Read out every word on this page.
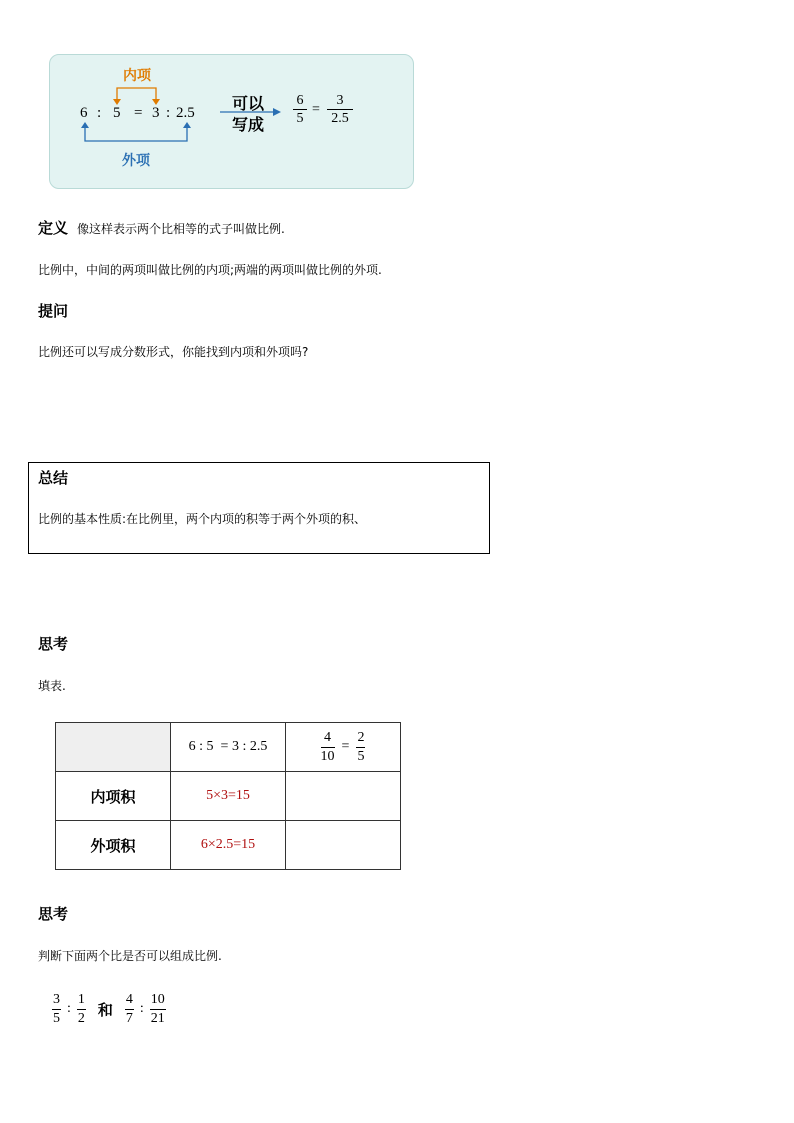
内项
6 : 5 = 3 : 2.5
外项
可以
写成 $\frac{6}{5} = \frac{3}{2.5}$
定义 像这样表示两个比相等的式子叫做比例.
比例中，中间的两项叫做比例的内项;两端的两项叫做比例的外项.
提问
比例还可以写成分数形式，你能找到内项和外项吗?
总结
比例的基本性质:在比例里，两个内项的积等于两个外项的积、
思考
填表.
	6 : 5  = 3 : 2.5	$\frac{4}{10} = \frac{2}{5}$

内项积	5×3=15	
外项积	6×2.5=15	
思考
判断下面两个比是否可以组成比例.
$\frac{3}{5}$ : $\frac{1}{2}$ 和 $\frac{4}{7}$ : $\frac{10}{21}$
